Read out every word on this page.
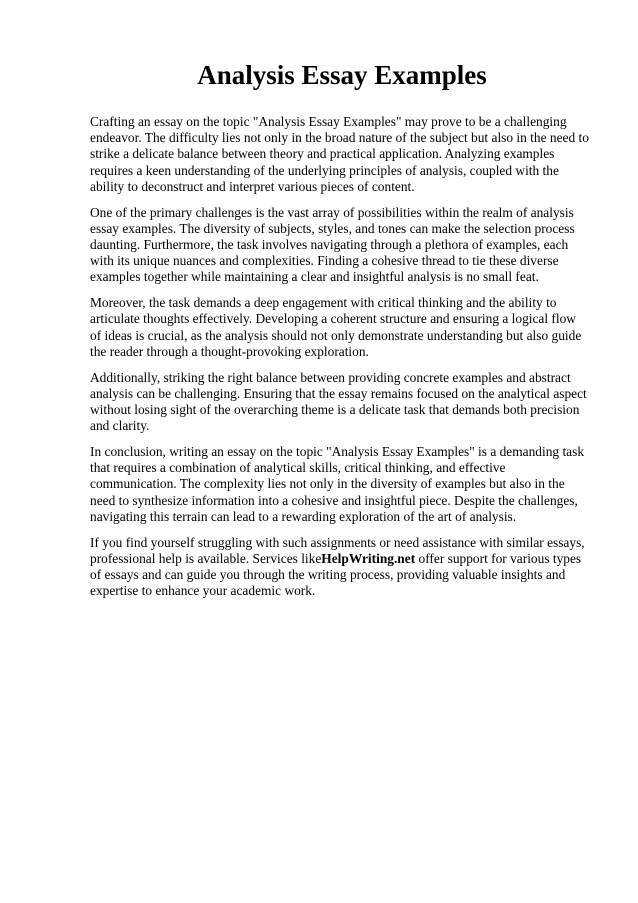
Analysis Essay Examples

Crafting an essay on the topic "Analysis Essay Examples" may prove to be a challenging endeavor. The difficulty lies not only in the broad nature of the subject but also in the need to strike a delicate balance between theory and practical application. Analyzing examples requires a keen understanding of the underlying principles of analysis, coupled with the ability to deconstruct and interpret various pieces of content.

One of the primary challenges is the vast array of possibilities within the realm of analysis essay examples. The diversity of subjects, styles, and tones can make the selection process daunting. Furthermore, the task involves navigating through a plethora of examples, each with its unique nuances and complexities. Finding a cohesive thread to tie these diverse examples together while maintaining a clear and insightful analysis is no small feat.

Moreover, the task demands a deep engagement with critical thinking and the ability to articulate thoughts effectively. Developing a coherent structure and ensuring a logical flow of ideas is crucial, as the analysis should not only demonstrate understanding but also guide the reader through a thought-provoking exploration.

Additionally, striking the right balance between providing concrete examples and abstract analysis can be challenging. Ensuring that the essay remains focused on the analytical aspect without losing sight of the overarching theme is a delicate task that demands both precision and clarity.

In conclusion, writing an essay on the topic "Analysis Essay Examples" is a demanding task that requires a combination of analytical skills, critical thinking, and effective communication. The complexity lies not only in the diversity of examples but also in the need to synthesize information into a cohesive and insightful piece. Despite the challenges, navigating this terrain can lead to a rewarding exploration of the art of analysis.

If you find yourself struggling with such assignments or need assistance with similar essays, professional help is available. Services likeHelpWriting.net offer support for various types of essays and can guide you through the writing process, providing valuable insights and expertise to enhance your academic work.
